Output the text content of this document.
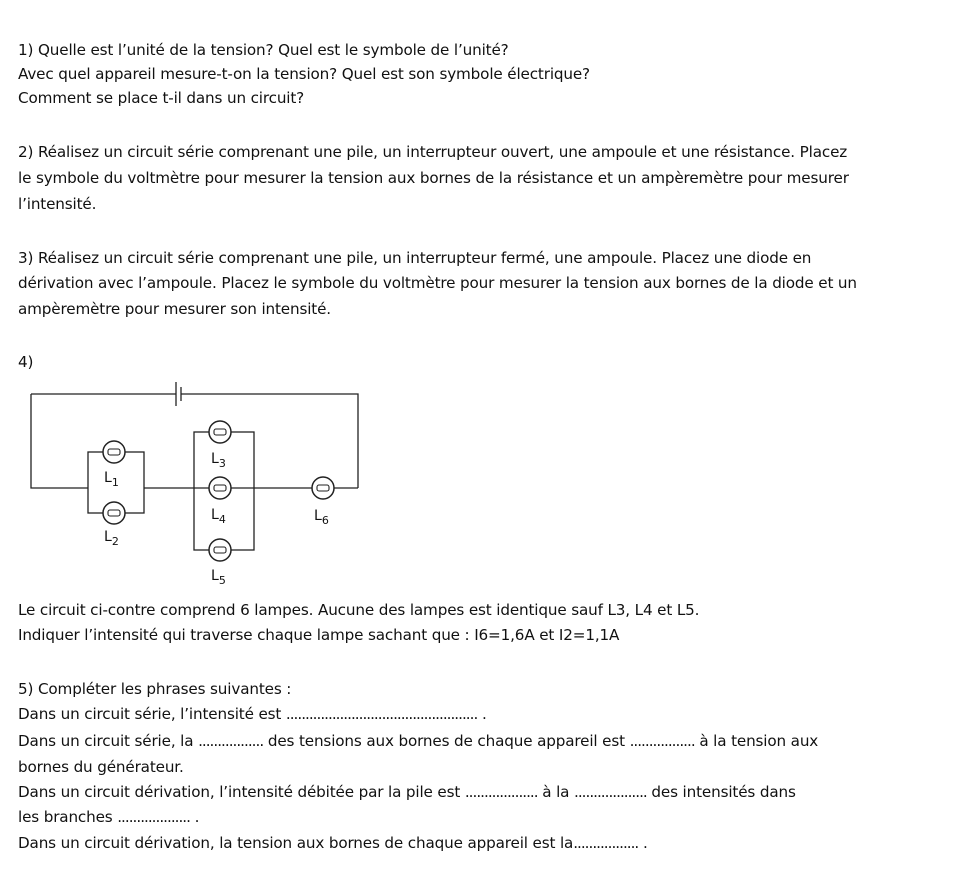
1) Quelle est l’unité de la tension? Quel est le symbole de l’unité?
Avec quel appareil mesure-t-on la tension? Quel est son symbole électrique?
Comment se place t-il dans un circuit?
2) Réalisez un circuit série comprenant une pile, un interrupteur ouvert, une ampoule et une résistance. Placez
le symbole du voltmètre pour mesurer la tension aux bornes de la résistance et un ampèremètre pour mesurer
l’intensité.
3) Réalisez un circuit série comprenant une pile, un interrupteur fermé, une ampoule. Placez une diode en
dérivation avec l’ampoule. Placez le symbole du voltmètre pour mesurer la tension aux bornes de la diode et un
ampèremètre pour mesurer son intensité.
4)
$L_1$
$L_2$
$L_3$
$L_4$
$L_5$
$L_6$
Le circuit ci-contre comprend 6 lampes. Aucune des lampes est identique sauf L3, L4 et L5.
Indiquer l’intensité qui traverse chaque lampe sachant que : I6=1,6A et I2=1,1A
5) Compléter les phrases suivantes :
Dans un circuit série, l’intensité est .................................................. .
Dans un circuit série, la ................. des tensions aux bornes de chaque appareil est ................. à la tension aux
bornes du générateur.
Dans un circuit dérivation, l’intensité débitée par la pile est ................... à la ................... des intensités dans
les branches ................... .
Dans un circuit dérivation, la tension aux bornes de chaque appareil est la................. .
